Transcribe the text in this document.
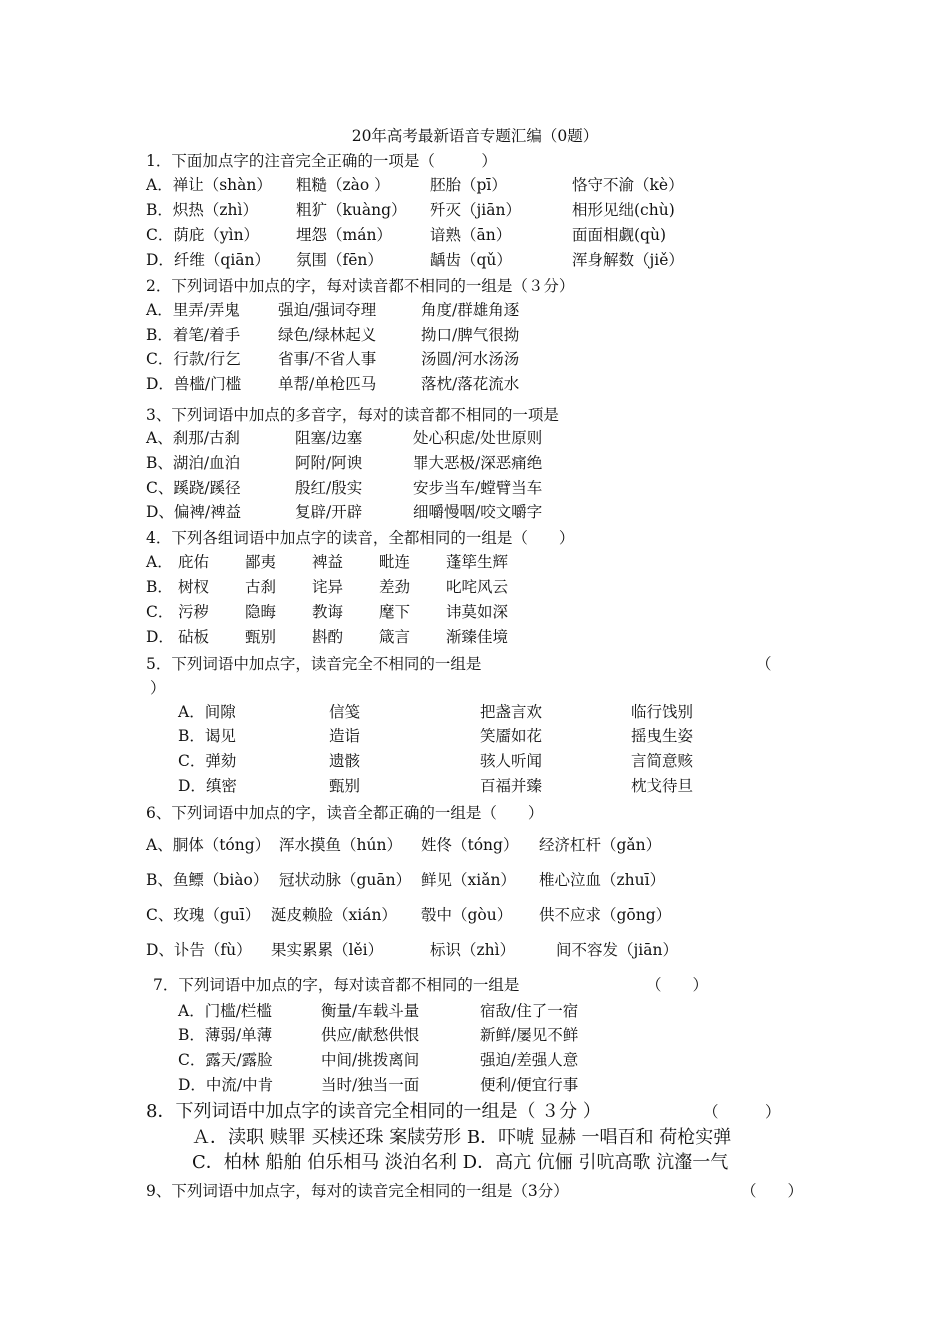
20年高考最新语音专题汇编（0题）
1．下面加点字的注音完全正确的一项是（　　　）
A．禅让（shàn） 粗糙（zào ）	胚胎（pī）	恪守不渝（kè）
B．炽热（zhì） 粗犷（kuàng） 歼灭（jiān）	相形见绌(chù)
C．荫庇（yìn） 埋怨（mán） 谙熟（ān）	面面相觑(qù)
D．纤维（qiān） 氛围（fēn）	龋齿（qǔ）	浑身解数（jiě）
2．下列词语中加点的字，每对读音都不相同的一组是（３分）
A．里弄/弄鬼 强迫/强词夺理	角度/群雄角逐
B．着笔/着手 绿色/绿林起义	拗口/脾气很拗
C．行款/行乞 省事/不省人事	汤圆/河水汤汤
D．兽槛/门槛 单帮/单枪匹马	落枕/落花流水
3、下列词语中加点的多音字，每对的读音都不相同的一项是
A、刹那/古刹	阻塞/边塞	处心积虑/处世原则
B、湖泊/血泊	阿附/阿谀	罪大恶极/深恶痛绝
C、蹊跷/蹊径	殷红/殷实	安步当车/螳臂当车
D、偏裨/裨益	复辟/开辟	细嚼慢咽/咬文嚼字
4．下列各组词语中加点字的读音，全都相同的一组是（　　）
A． 庇佑 鄙夷 裨益 毗连 蓬筚生辉
B． 树杈 古刹 诧异 差劲 叱咤风云
C． 污秽 隐晦 教诲 麾下 讳莫如深
D． 砧板 甄别 斟酌 箴言 渐臻佳境
5．下列词语中加点字，读音完全不相同的一组是	（
）
A．间隙	信笺	把盏言欢	临行饯别
B．谒见	造诣	笑靥如花	摇曳生姿
C．弹劾	遗骸	骇人听闻	言简意赅
D．缜密	甄别	百福并臻	枕戈待旦
6、下列词语中加点的字，读音全都正确的一组是（　　）
A、胴体（tóng） 浑水摸鱼（hún） 姓佟（tóng） 经济杠杆（gǎn）
B、鱼鳔（biào） 冠状动脉（guān） 鲜见（xiǎn） 椎心泣血（zhuī）
C、玫瑰（guī） 涎皮赖脸（xián） 彀中（gòu） 供不应求（gōng）
D、讣告（fù） 果实累累（lěi）	标识（zhì）	间不容发（jiān）
7．下列词语中加点的字，每对读音都不相同的一组是	（　　）
A．门槛/栏槛	衡量/车载斗量	宿敌/住了一宿
B．薄弱/单薄	供应/献愁供恨	新鲜/屡见不鲜
C．露天/露脸	中间/挑拨离间	强迫/差强人意
D．中流/中肯	当时/独当一面	便利/便宜行事
8．下列词语中加点字的读音完全相同的一组是（ ３分 ）	（　　　）
Ａ．渎职 赎罪 买椟还珠 案牍劳形 B．吓唬 显赫 一唱百和 荷枪实弹
C．柏林 船舶 伯乐相马 淡泊名利 D．高亢 伉俪 引吭高歌 沆瀣一气
9、下列词语中加点字，每对的读音完全相同的一组是（3分）	（　　）
